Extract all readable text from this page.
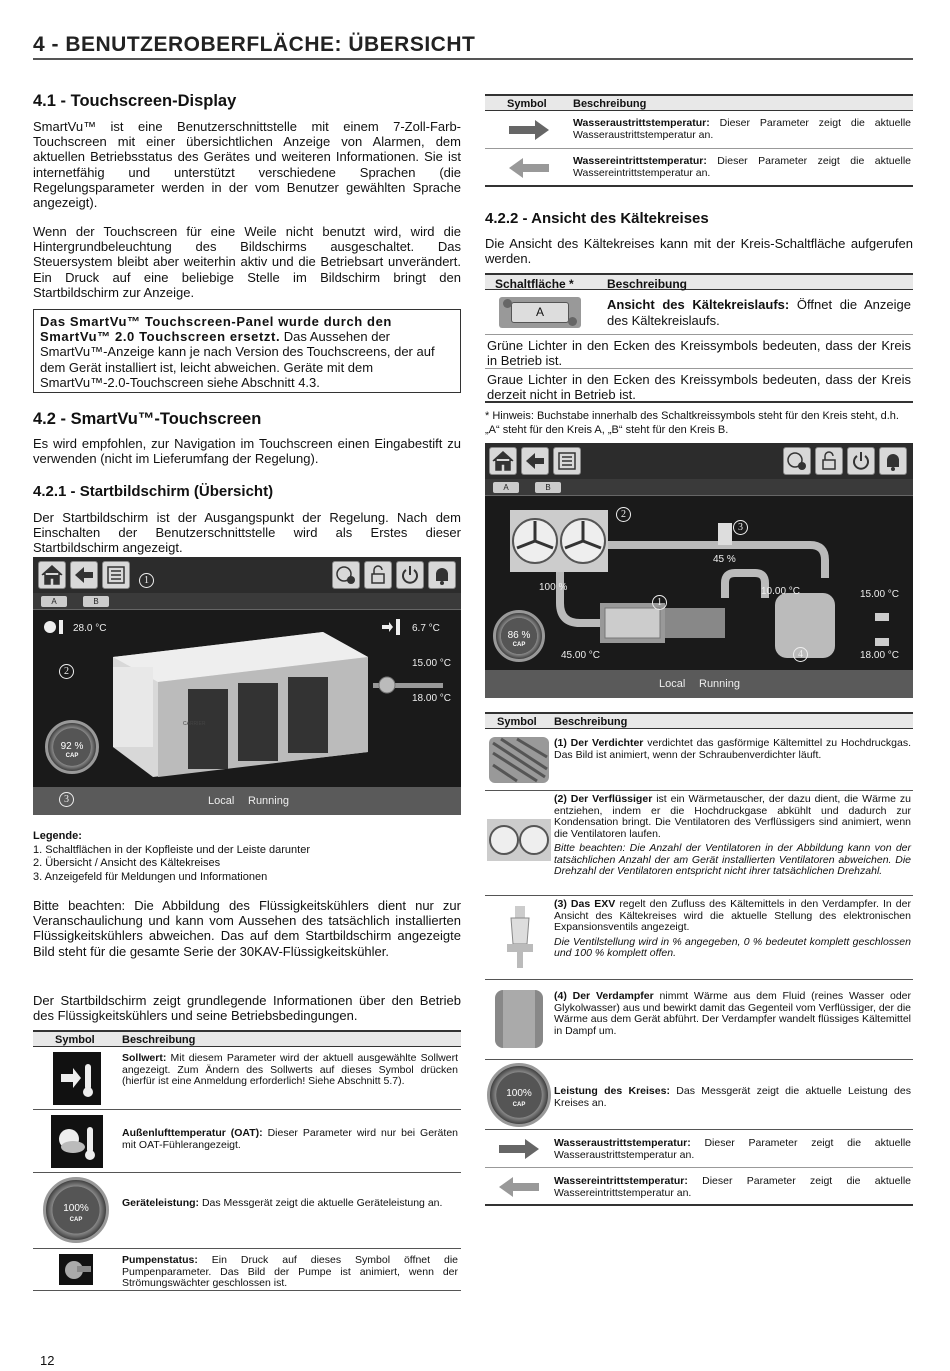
4 - BENUTZEROBERFLÄCHE: ÜBERSICHT
4.1 - Touchscreen-Display
SmartVu™ ist eine Benutzerschnittstelle mit einem 7-Zoll-Farb-Touchscreen mit einer übersichtlichen Anzeige von Alarmen, dem aktuellen Betriebsstatus des Gerätes und weiteren Informationen. Sie ist internetfähig und unterstützt verschiedene Sprachen (die Regelungsparameter werden in der vom Benutzer gewählten Sprache angezeigt).
Wenn der Touchscreen für eine Weile nicht benutzt wird, wird die Hintergrundbeleuchtung des Bildschirms ausgeschaltet. Das Steuersystem bleibt aber weiterhin aktiv und die Betriebsart unverändert. Ein Druck auf eine beliebige Stelle im Bildschirm bringt den Startbildschirm zur Anzeige.
Das SmartVu™ Touchscreen-Panel wurde durch den SmartVu™ 2.0 Touchscreen ersetzt. Das Aussehen der SmartVu™-Anzeige kann je nach Version des Touchscreens, der auf dem Gerät installiert ist, leicht abweichen. Geräte mit dem SmartVu™-2.0-Touchscreen siehe Abschnitt 4.3.
4.2 - SmartVu™-Touchscreen
Es wird empfohlen, zur Navigation im Touchscreen einen Eingabestift zu verwenden (nicht im Lieferumfang der Regelung).
4.2.1 - Startbildschirm (Übersicht)
Der Startbildschirm ist der Ausgangspunkt der Regelung. Nach dem Einschalten der Benutzerschnittstelle wird als Erstes dieser Startbildschirm angezeigt.
1
A	B
CARRIER
28.0 °C	6.7 °C
15.00 °C
18.00 °C
2
92 %
CAP
3	Local Running
Legende:
1. Schaltflächen in der Kopfleiste und der Leiste darunter
2. Übersicht / Ansicht des Kältekreises
3. Anzeigefeld für Meldungen und Informationen
Bitte beachten: Die Abbildung des Flüssigkeitskühlers dient nur zur Veranschaulichung und kann vom Aussehen des tatsächlich installierten Flüssigkeitskühlers abweichen. Das auf dem Startbildschirm angezeigte Bild steht für die gesamte Serie der 30KAV-Flüssigkeitskühler.
Der Startbildschirm zeigt grundlegende Informationen über den Betrieb des Flüssigkeitskühlers und seine Betriebsbedingungen.
Symbol Beschreibung
Sollwert: Mit diesem Parameter wird der aktuell ausgewählte Sollwert angezeigt. Zum Ändern des Sollwerts auf dieses Symbol drücken (hierfür ist eine Anmeldung erforderlich! Siehe Abschnitt 5.7).
Außenlufttemperatur (OAT): Dieser Parameter wird nur bei Geräten mit OAT-Fühlerangezeigt.
100%
CAP
Geräteleistung: Das Messgerät zeigt die aktuelle Geräteleistung an.
Pumpenstatus: Ein Druck auf dieses Symbol öffnet die Pumpenparameter. Das Bild der Pumpe ist animiert, wenn der Strömungswächter geschlossen ist.
Symbol Beschreibung
Wasseraustrittstemperatur: Dieser Parameter zeigt die aktuelle Wasseraustrittstemperatur an.
Wassereintrittstemperatur: Dieser Parameter zeigt die aktuelle Wassereintrittstemperatur an.
4.2.2 - Ansicht des Kältekreises
Die Ansicht des Kältekreises kann mit der Kreis-Schaltfläche aufgerufen werden.
Schaltfläche *	Beschreibung
A	Ansicht des Kältekreislaufs: Öffnet die Anzeige des Kältekreislaufs.
Grüne Lichter in den Ecken des Kreissymbols bedeuten, dass der Kreis in Betrieb ist.
Graue Lichter in den Ecken des Kreissymbols bedeuten, dass der Kreis derzeit nicht in Betrieb ist.
* Hinweis: Buchstabe innerhalb des Schaltkreissymbols steht für den Kreis steht, d.h. „A“ steht für den Kreis A, „B“ steht für den Kreis B.
A	B
2
3
45 %
100 %
1
10.00 °C	15.00 °C
86 %
CAP
45.00 °C	4	18.00 °C
Local Running
Symbol Beschreibung
(1) Der Verdichter verdichtet das gasförmige Kältemittel zu Hochdruckgas. Das Bild ist animiert, wenn der Schraubenverdichter läuft.
(2) Der Verflüssiger ist ein Wärmetauscher, der dazu dient, die Wärme zu entziehen, indem er die Hochdruckgase abkühlt und dadurch zur Kondensation bringt. Die Ventilatoren des Verflüssigers sind animiert, wenn die Ventilatoren laufen.
Bitte beachten: Die Anzahl der Ventilatoren in der Abbildung kann von der tatsächlichen Anzahl der am Gerät installierten Ventilatoren abweichen. Die Drehzahl der Ventilatoren entspricht nicht ihrer tatsächlichen Drehzahl.
(3) Das EXV regelt den Zufluss des Kältemittels in den Verdampfer. In der Ansicht des Kältekreises wird die aktuelle Stellung des elektronischen Expansionsventils angezeigt.
Die Ventilstellung wird in % angegeben, 0 % bedeutet komplett geschlossen und 100 % komplett offen.
(4) Der Verdampfer nimmt Wärme aus dem Fluid (reines Wasser oder Glykolwasser) aus und bewirkt damit das Gegenteil vom Verflüssiger, der die Wärme aus dem Gerät abführt. Der Verdampfer wandelt flüssiges Kältemittel in Dampf um.
100%
CAP
Leistung des Kreises: Das Messgerät zeigt die aktuelle Leistung des Kreises an.
Wasseraustrittstemperatur: Dieser Parameter zeigt die aktuelle Wasseraustrittstemperatur an.
Wassereintrittstemperatur: Dieser Parameter zeigt die aktuelle Wassereintrittstemperatur an.
12
